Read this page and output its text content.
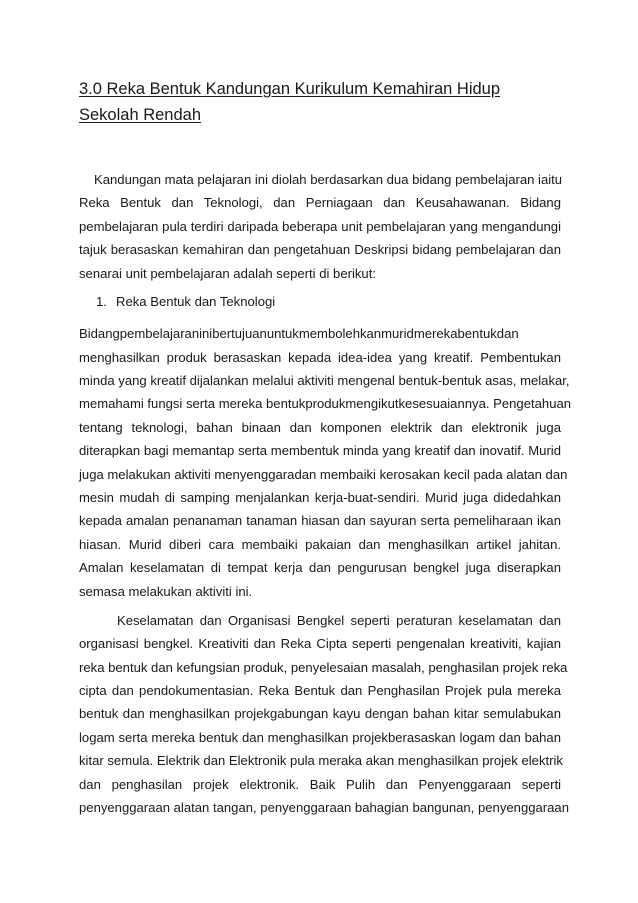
3.0 Reka Bentuk Kandungan Kurikulum Kemahiran Hidup Sekolah Rendah
Kandungan mata pelajaran ini diolah berdasarkan dua bidang pembelajaran iaitu
Reka Bentuk dan Teknologi, dan Perniagaan dan Keusahawanan. Bidang
pembelajaran pula terdiri daripada beberapa unit pembelajaran yang mengandungi
tajuk berasaskan kemahiran dan pengetahuan Deskripsi bidang pembelajaran dan
senarai unit pembelajaran adalah seperti di berikut:
1. Reka Bentuk dan Teknologi
Bidangpembelajaraninibertujuanuntukmembolehkanmuridmerekabentukdan
menghasilkan produk berasaskan kepada idea-idea yang kreatif. Pembentukan
minda yang kreatif dijalankan melalui aktiviti mengenal bentuk-bentuk asas, melakar,
memahami fungsi serta mereka bentukprodukmengikutkesesuaiannya. Pengetahuan
tentang teknologi, bahan binaan dan komponen elektrik dan elektronik juga
diterapkan bagi memantap serta membentuk minda yang kreatif dan inovatif. Murid
juga melakukan aktiviti menyenggaradan membaiki kerosakan kecil pada alatan dan
mesin mudah di samping menjalankan kerja-buat-sendiri. Murid juga didedahkan
kepada amalan penanaman tanaman hiasan dan sayuran serta pemeliharaan ikan
hiasan. Murid diberi cara membaiki pakaian dan menghasilkan artikel jahitan.
Amalan keselamatan di tempat kerja dan pengurusan bengkel juga diserapkan
semasa melakukan aktiviti ini.
Keselamatan dan Organisasi Bengkel seperti peraturan keselamatan dan
organisasi bengkel. Kreativiti dan Reka Cipta seperti pengenalan kreativiti, kajian
reka bentuk dan kefungsian produk, penyelesaian masalah, penghasilan projek reka
cipta dan pendokumentasian. Reka Bentuk dan Penghasilan Projek pula mereka
bentuk dan menghasilkan projekgabungan kayu dengan bahan kitar semulabukan
logam serta mereka bentuk dan menghasilkan projekberasaskan logam dan bahan
kitar semula. Elektrik dan Elektronik pula meraka akan menghasilkan projek elektrik
dan penghasilan projek elektronik. Baik Pulih dan Penyenggaraan seperti
penyenggaraan alatan tangan, penyenggaraan bahagian bangunan, penyenggaraan
